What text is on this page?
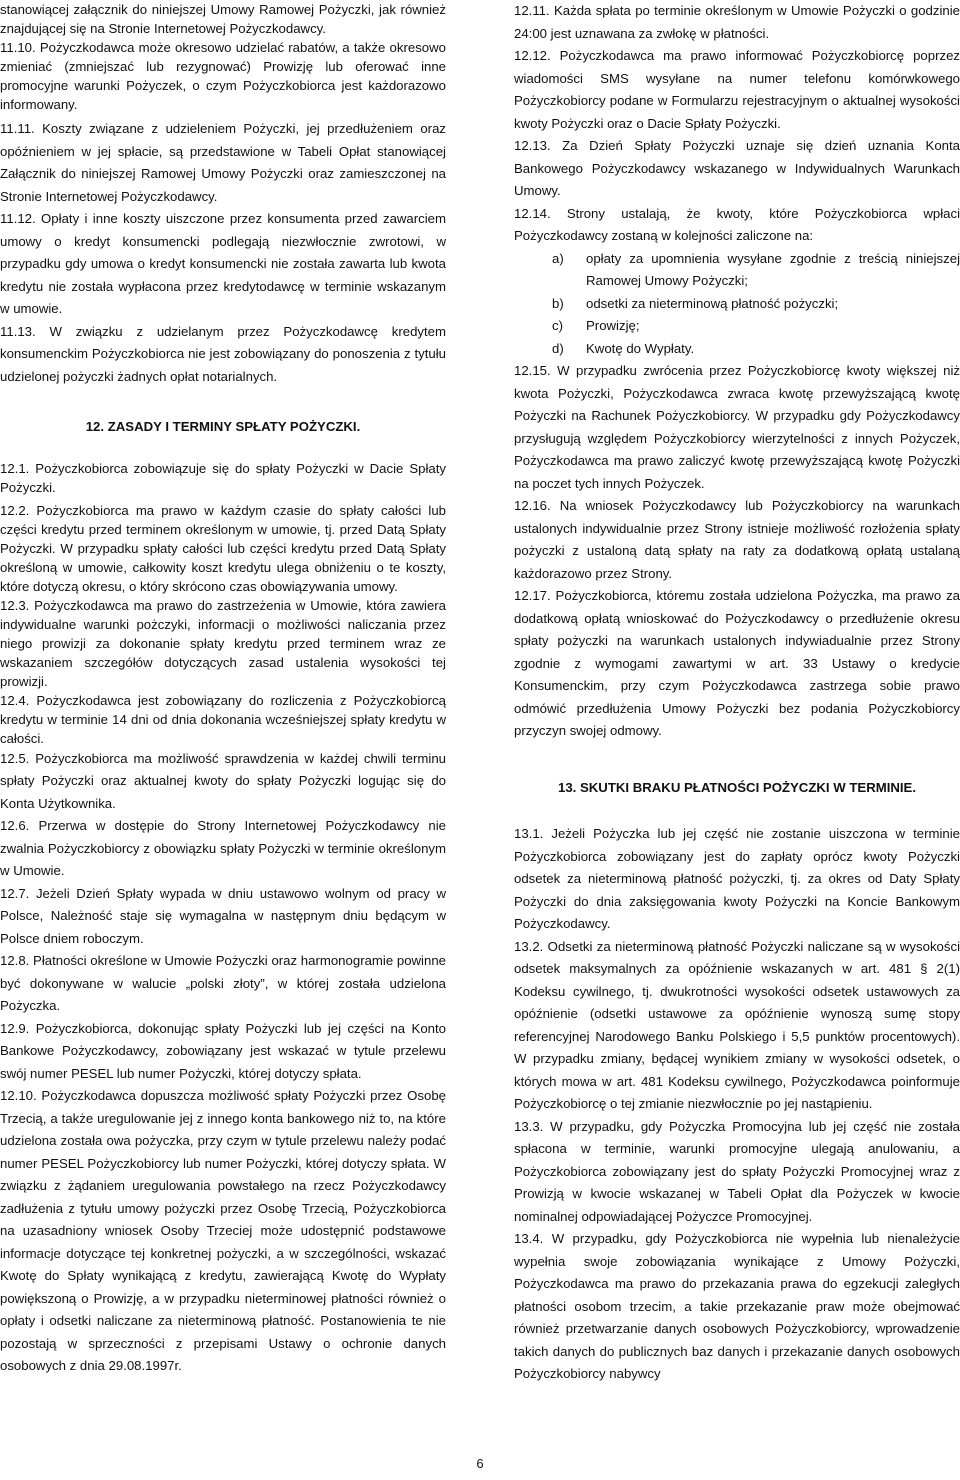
stanowiącej załącznik do niniejszej Umowy Ramowej Pożyczki, jak również znajdującej się na Stronie Internetowej Pożyczkodawcy.

11.10. Pożyczkodawca może okresowo udzielać rabatów, a także okresowo zmieniać (zmniejszać lub rezygnować) Prowizję lub oferować inne promocyjne warunki Pożyczek, o czym Pożyczkobiorca jest każdorazowo informowany.

11.11. Koszty związane z udzieleniem Pożyczki, jej przedłużeniem oraz opóźnieniem w jej spłacie, są przedstawione w Tabeli Opłat stanowiącej Załącznik do niniejszej Ramowej Umowy Pożyczki oraz zamieszczonej na Stronie Internetowej Pożyczkodawcy.

11.12. Opłaty i inne koszty uiszczone przez konsumenta przed zawarciem umowy o kredyt konsumencki podlegają niezwłocznie zwrotowi, w przypadku gdy umowa o kredyt konsumencki nie została zawarta lub kwota kredytu nie została wypłacona przez kredytodawcę w terminie wskazanym w umowie.

11.13. W związku z udzielanym przez Pożyczkodawcę kredytem konsumenckim Pożyczkobiorca nie jest zobowiązany do ponoszenia z tytułu udzielonej pożyczki żadnych opłat notarialnych.

12. ZASADY I TERMINY SPŁATY POŻYCZKI.

12.1. Pożyczkobiorca zobowiązuje się do spłaty Pożyczki w Dacie Spłaty Pożyczki.

12.2. Pożyczkobiorca ma prawo w każdym czasie do spłaty całości lub części kredytu przed terminem określonym w umowie, tj. przed Datą Spłaty Pożyczki. W przypadku spłaty całości lub części kredytu przed Datą Spłaty określoną w umowie, całkowity koszt kredytu ulega obniżeniu o te koszty, które dotyczą okresu, o który skrócono czas obowiązywania umowy.

12.3. Pożyczkodawca ma prawo do zastrzeżenia w Umowie, która zawiera indywidualne warunki pożczyki, informacji o możliwości naliczania przez niego prowizji za dokonanie spłaty kredytu przed terminem wraz ze wskazaniem szczegółów dotyczących zasad ustalenia wysokości tej prowizji.

12.4. Pożyczkodawca jest zobowiązany do rozliczenia z Pożyczkobiorcą kredytu w terminie 14 dni od dnia dokonania wcześniejszej spłaty kredytu w całości.

12.5. Pożyczkobiorca ma możliwość sprawdzenia w każdej chwili terminu spłaty Pożyczki oraz aktualnej kwoty do spłaty Pożyczki logując się do Konta Użytkownika.

12.6. Przerwa w dostępie do Strony Internetowej Pożyczkodawcy nie zwalnia Pożyczkobiorcy z obowiązku spłaty Pożyczki w terminie określonym w Umowie.

12.7. Jeżeli Dzień Spłaty wypada w dniu ustawowo wolnym od pracy w Polsce, Należność staje się wymagalna w następnym dniu będącym w Polsce dniem roboczym.

12.8. Płatności określone w Umowie Pożyczki oraz harmonogramie powinne być dokonywane w walucie „polski złoty”, w której została udzielona Pożyczka.

12.9. Pożyczkobiorca, dokonując spłaty Pożyczki lub jej części na Konto Bankowe Pożyczkodawcy, zobowiązany jest wskazać w tytule przelewu swój numer PESEL lub numer Pożyczki, której dotyczy spłata.

12.10. Pożyczkodawca dopuszcza możliwość spłaty Pożyczki przez Osobę Trzecią, a także uregulowanie jej z innego konta bankowego niż to, na które udzielona została owa pożyczka, przy czym w tytule przelewu należy podać numer PESEL Pożyczkobiorcy lub numer Pożyczki, której dotyczy spłata. W związku z żądaniem uregulowania powstałego na rzecz Pożyczkodawcy zadłużenia z tytułu umowy pożyczki przez Osobę Trzecią, Pożyczkobiorca na uzasadniony wniosek Osoby Trzeciej może udostępnić podstawowe informacje dotyczące tej konkretnej pożyczki, a w szczególności, wskazać Kwotę do Spłaty wynikającą z kredytu, zawierającą Kwotę do Wypłaty powiększoną o Prowizję, a w przypadku nieterminowej płatności również o opłaty i odsetki naliczane za nieterminową płatność. Postanowienia te nie pozostają w sprzeczności z przepisami Ustawy o ochronie danych osobowych z dnia 29.08.1997r.

12.11. Każda spłata po terminie określonym w Umowie Pożyczki o godzinie 24:00 jest uznawana za zwłokę w płatności.

12.12. Pożyczkodawca ma prawo informować Pożyczkobiorcę poprzez wiadomości SMS wysyłane na numer telefonu komórwkowego Pożyczkobiorcy podane w Formularzu rejestracyjnym o aktualnej wysokości kwoty Pożyczki oraz o Dacie Spłaty Pożyczki.

12.13. Za Dzień Spłaty Pożyczki uznaje się dzień uznania Konta Bankowego Pożyczkodawcy wskazanego w Indywidualnych Warunkach Umowy.

12.14. Strony ustalają, że kwoty, które Pożyczkobiorca wpłaci Pożyczkodawcy zostaną w kolejności zaliczone na:

a)	opłaty za upomnienia wysyłane zgodnie z treścią niniejszej Ramowej Umowy Pożyczki;
b)	odsetki za nieterminową płatność pożyczki;
c)	Prowizję;
d)	Kwotę do Wypłaty.

12.15. W przypadku zwrócenia przez Pożyczkobiorcę kwoty większej niż kwota Pożyczki, Pożyczkodawca zwraca kwotę przewyższającą kwotę Pożyczki na Rachunek Pożyczkobiorcy. W przypadku gdy Pożyczkodawcy przysługują względem Pożyczkobiorcy wierzytelności z innych Pożyczek, Pożyczkodawca ma prawo zaliczyć kwotę przewyższającą kwotę Pożyczki na poczet tych innych Pożyczek.

12.16. Na wniosek Pożyczkodawcy lub Pożyczkobiorcy na warunkach ustalonych indywidualnie przez Strony istnieje możliwość rozłożenia spłaty pożyczki z ustaloną datą spłaty na raty za dodatkową opłatą ustalaną każdorazowo przez Strony.

12.17. Pożyczkobiorca, któremu została udzielona Pożyczka, ma prawo za dodatkową opłatą wnioskować do Pożyczkodawcy o przedłużenie okresu spłaty pożyczki na warunkach ustalonych indywiadualnie przez Strony zgodnie z wymogami zawartymi w art. 33 Ustawy o kredycie Konsumenckim, przy czym Pożyczkodawca zastrzega sobie prawo odmówić przedłużenia Umowy Pożyczki bez podania Pożyczkobiorcy przyczyn swojej odmowy.

13. SKUTKI BRAKU PŁATNOŚCI POŻYCZKI W TERMINIE.

13.1. Jeżeli Pożyczka lub jej część nie zostanie uiszczona w terminie Pożyczkobiorca zobowiązany jest do zapłaty oprócz kwoty Pożyczki odsetek za nieterminową płatność pożyczki, tj. za okres od Daty Spłaty Pożyczki do dnia zaksięgowania kwoty Pożyczki na Koncie Bankowym Pożyczkodawcy.

13.2. Odsetki za nieterminową płatność Pożyczki naliczane są w wysokości odsetek maksymalnych za opóźnienie wskazanych w art. 481 § 2(1) Kodeksu cywilnego, tj. dwukrotności wysokości odsetek ustawowych za opóźnienie (odsetki ustawowe za opóźnienie wynoszą sumę stopy referencyjnej Narodowego Banku Polskiego i 5,5 punktów procentowych). W przypadku zmiany, będącej wynikiem zmiany w wysokości odsetek, o których mowa w art. 481 Kodeksu cywilnego, Pożyczkodawca poinformuje Pożyczkobiorcę o tej zmianie niezwłocznie po jej nastąpieniu.

13.3. W przypadku, gdy Pożyczka Promocyjna lub jej część nie została spłacona w terminie, warunki promocyjne ulegają anulowaniu, a Pożyczkobiorca zobowiązany jest do spłaty Pożyczki Promocyjnej wraz z Prowizją w kwocie wskazanej w Tabeli Opłat dla Pożyczek w kwocie nominalnej odpowiadającej Pożyczce Promocyjnej.

13.4. W przypadku, gdy Pożyczkobiorca nie wypełnia lub nienależycie wypełnia swoje zobowiązania wynikające z Umowy Pożyczki, Pożyczkodawca ma prawo do przekazania prawa do egzekucji zaległych płatności osobom trzecim, a takie przekazanie praw może obejmować również przetwarzanie danych osobowych Pożyczkobiorcy, wprowadzenie takich danych do publicznych baz danych i przekazanie danych osobowych Pożyczkobiorcy nabywcy

6
